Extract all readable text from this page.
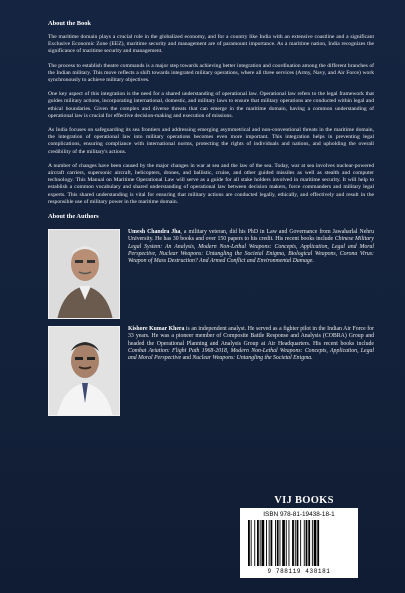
About the Book

The maritime domain plays a crucial role in the globalized economy, and for a country like India with an extensive coastline and a significant Exclusive Economic Zone (EEZ), maritime security and management are of paramount importance. As a maritime nation, India recognizes the significance of maritime security and management.

The process to establish theatre commands is a major step towards achieving better integration and coordination among the different branches of the Indian military. This move reflects a shift towards integrated military operations, where all three services (Army, Navy, and Air Force) work synchronously to achieve military objectives.

One key aspect of this integration is the need for a shared understanding of operational law. Operational law refers to the legal framework that guides military actions, incorporating international, domestic, and military laws to ensure that military operations are conducted within legal and ethical boundaries. Given the complex and diverse threats that can emerge in the maritime domain, having a common understanding of operational law is crucial for effective decision-making and execution of missions.

As India focuses on safeguarding its sea frontiers and addressing emerging asymmetrical and non-conventional threats in the maritime domain, the integration of operational law into military operations becomes even more important. This integration helps in preventing legal complications, ensuring compliance with international norms, protecting the rights of individuals and nations, and upholding the overall credibility of the military's actions.

A number of changes have been caused by the major changes in war at sea and the law of the sea. Today, war at sea involves nuclear-powered aircraft carriers, supersonic aircraft, helicopters, drones, and ballistic, cruise, and other guided missiles as well as stealth and computer technology. This Manual on Maritime Operational Law will serve as a guide for all stake holders involved in maritime security. It will help to establish a common vocabulary and shared understanding of operational law between decision makers, force commanders and military legal experts. This shared understanding is vital for ensuring that military actions are conducted legally, ethically, and effectively and result in the responsible use of military power in the maritime domain.

About the Authors
Umesh Chandra Jha, a military veteran, did his PhD in Law and Governance from Jawaharlal Nehru University. He has 30 books and over 150 papers to his credit. His recent books include Chinese Military Legal System: An Analysis, Modern Non-Lethal Weapons: Concepts, Application, Legal and Moral Perspective, Nuclear Weapons: Untangling the Societal Enigma, Biological Weapons, Corona Virus: Weapon of Mass Destruction? And Armed Conflict and Environmental Damage.
Kishore Kumar Khera is an independent analyst. He served as a fighter pilot in the Indian Air Force for 33 years. He was a pioneer member of Composite Battle Response and Analysis (COBRA) Group and headed the Operational Planning and Analysis Group at Air Headquarters. His recent books include Combat Aviation: Flight Path 1968-2018, Modern Non-Lethal Weapons: Concepts, Application, Legal and Moral Perspective and Nuclear Weapons: Untangling the Societal Enigma.
VIJ BOOKS
ISBN 978-81-19438-18-1
9 788119 438181
